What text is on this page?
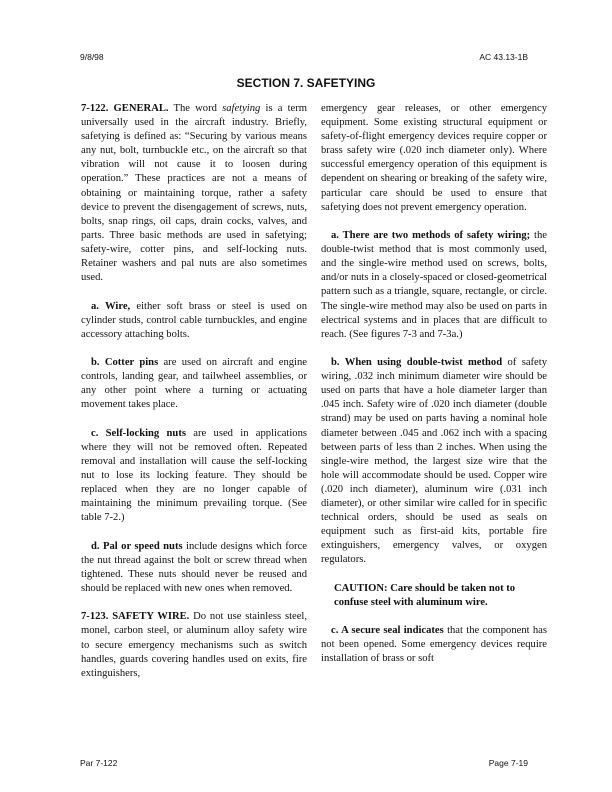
9/8/98	AC 43.13-1B
SECTION 7. SAFETYING

7-122. GENERAL. The word safetying is a term universally used in the aircraft industry. Briefly, safetying is defined as: “Securing by various means any nut, bolt, turnbuckle etc., on the aircraft so that vibration will not cause it to loosen during operation.” These practices are not a means of obtaining or maintaining torque, rather a safety device to prevent the disengagement of screws, nuts, bolts, snap rings, oil caps, drain cocks, valves, and parts. Three basic methods are used in safetying; safety-wire, cotter pins, and self-locking nuts. Retainer washers and pal nuts are also sometimes used.

a. Wire, either soft brass or steel is used on cylinder studs, control cable turnbuckles, and engine accessory attaching bolts.

b. Cotter pins are used on aircraft and engine controls, landing gear, and tailwheel assemblies, or any other point where a turning or actuating movement takes place.

c. Self-locking nuts are used in applications where they will not be removed often. Repeated removal and installation will cause the self-locking nut to lose its locking feature. They should be replaced when they are no longer capable of maintaining the minimum prevailing torque. (See table 7-2.)

d. Pal or speed nuts include designs which force the nut thread against the bolt or screw thread when tightened. These nuts should never be reused and should be replaced with new ones when removed.

7-123. SAFETY WIRE. Do not use stainless steel, monel, carbon steel, or aluminum alloy safety wire to secure emergency mechanisms such as switch handles, guards covering handles used on exits, fire extinguishers,

emergency gear releases, or other emergency equipment. Some existing structural equipment or safety-of-flight emergency devices require copper or brass safety wire (.020 inch diameter only). Where successful emergency operation of this equipment is dependent on shearing or breaking of the safety wire, particular care should be used to ensure that safetying does not prevent emergency operation.

a. There are two methods of safety wiring; the double-twist method that is most commonly used, and the single-wire method used on screws, bolts, and/or nuts in a closely-spaced or closed-geometrical pattern such as a triangle, square, rectangle, or circle. The single-wire method may also be used on parts in electrical systems and in places that are difficult to reach. (See figures 7-3 and 7-3a.)

b. When using double-twist method of safety wiring, .032 inch minimum diameter wire should be used on parts that have a hole diameter larger than .045 inch. Safety wire of .020 inch diameter (double strand) may be used on parts having a nominal hole diameter between .045 and .062 inch with a spacing between parts of less than 2 inches. When using the single-wire method, the largest size wire that the hole will accommodate should be used. Copper wire (.020 inch diameter), aluminum wire (.031 inch diameter), or other similar wire called for in specific technical orders, should be used as seals on equipment such as first-aid kits, portable fire extinguishers, emergency valves, or oxygen regulators.

CAUTION: Care should be taken not to confuse steel with aluminum wire.

c. A secure seal indicates that the component has not been opened. Some emergency devices require installation of brass or soft

Par 7-122	Page 7-19
